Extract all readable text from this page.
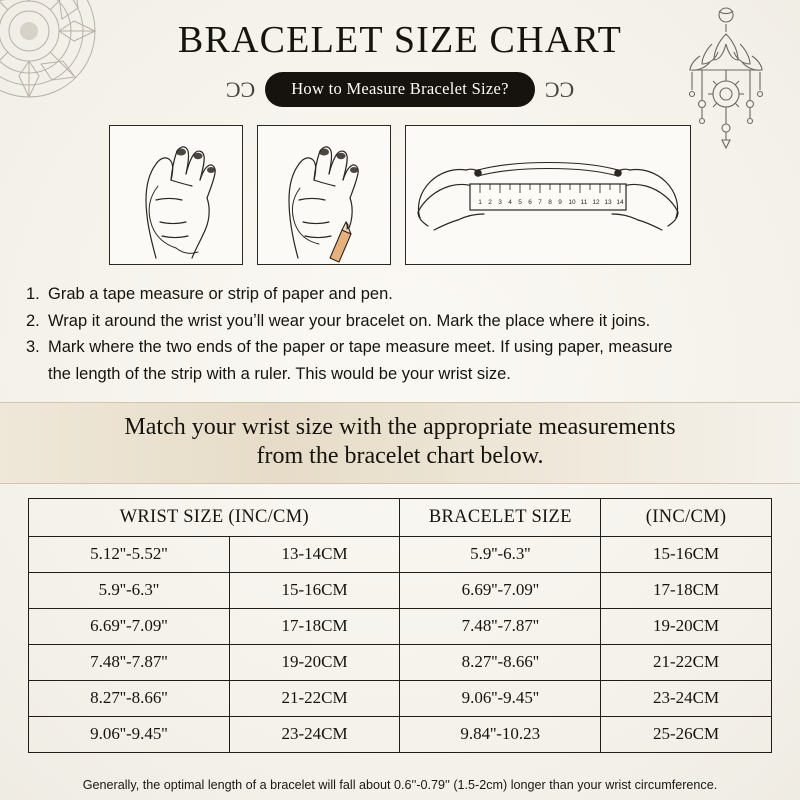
BRACELET SIZE CHART
ƆƆ	How to Measure Bracelet Size?	ƆƆ
1 2 3 4 5 6 7 8 9 10 11 12 13 14
1. Grab a tape measure or strip of paper and pen.
2. Wrap it around the wrist youʼll wear your bracelet on. Mark the place where it joins.
3. Mark where the two ends of the paper or tape measure meet. If using paper, measure
the length of the strip with a ruler. This would be your wrist size.
Match your wrist size with the appropriate measurements
from the bracelet chart below.
WRIST SIZE (INC/CM)		BRACELET SIZE	(INC/CM)
5.12''-5.52''	13-14CM	5.9''-6.3''	15-16CM
5.9''-6.3''	15-16CM	6.69''-7.09''	17-18CM
6.69''-7.09''	17-18CM	7.48''-7.87''	19-20CM
7.48''-7.87''	19-20CM	8.27''-8.66''	21-22CM
8.27''-8.66''	21-22CM	9.06''-9.45''	23-24CM
9.06''-9.45''	23-24CM	9.84''-10.23	25-26CM
Generally, the optimal length of a bracelet will fall about 0.6''-0.79'' (1.5-2cm) longer than your wrist circumference.
